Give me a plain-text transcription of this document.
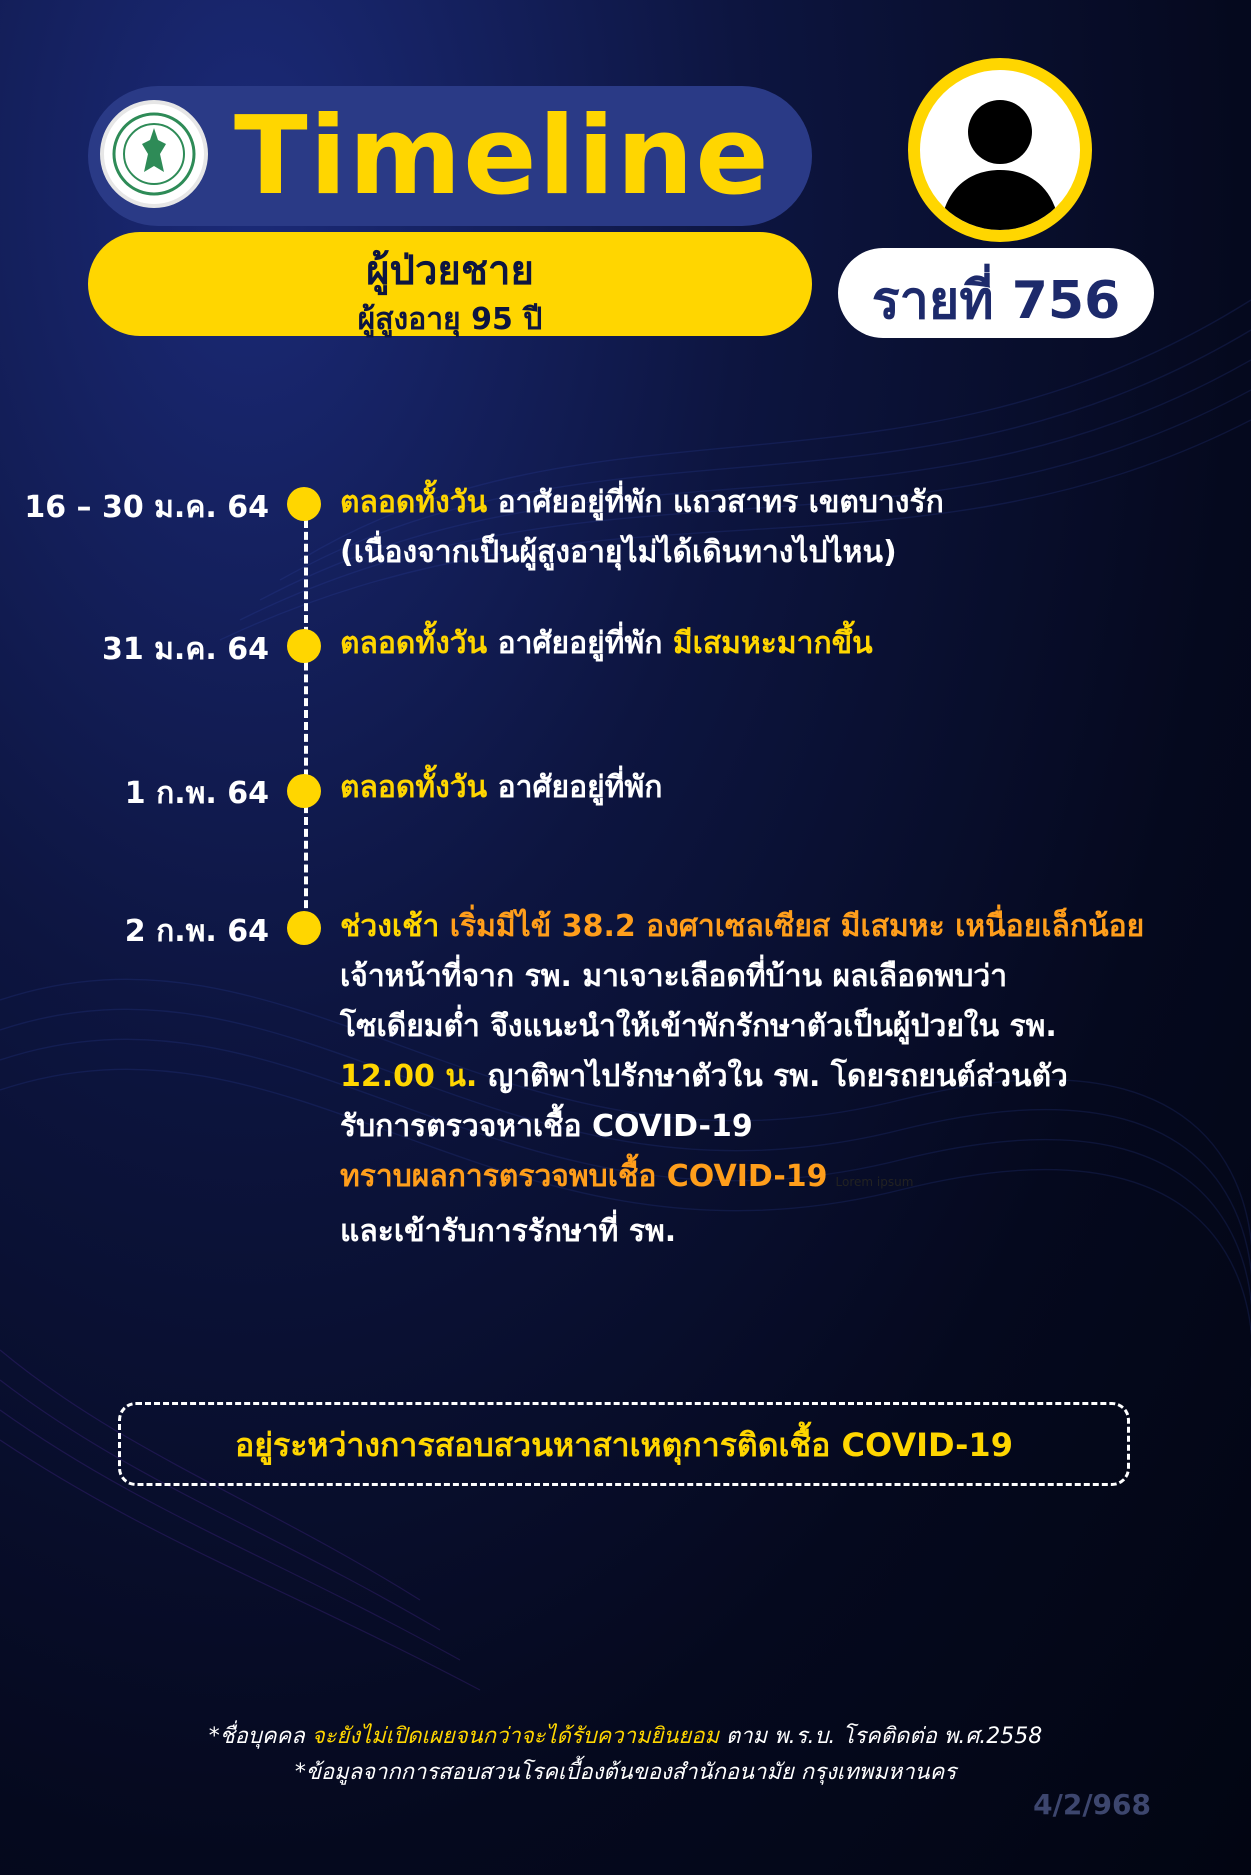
Timeline
ผู้ป่วยชาย
ผู้สูงอายุ 95 ปี	รายที่ 756
16 – 30 ม.ค. 64 ตลอดทั้งวัน อาศัยอยู่ที่พัก แถวสาทร เขตบางรัก
(เนื่องจากเป็นผู้สูงอายุไม่ได้เดินทางไปไหน)
31 ม.ค. 64 ตลอดทั้งวัน อาศัยอยู่ที่พัก มีเสมหะมากขึ้น
1 ก.พ. 64 ตลอดทั้งวัน อาศัยอยู่ที่พัก
2 ก.พ. 64 ช่วงเช้า เริ่มมีไข้ 38.2 องศาเซลเซียส มีเสมหะ เหนื่อยเล็กน้อย
เจ้าหน้าที่จาก รพ. มาเจาะเลือดที่บ้าน ผลเลือดพบว่า
โซเดียมต่ำ จึงแนะนำให้เข้าพักรักษาตัวเป็นผู้ป่วยใน รพ.
12.00 น. ญาติพาไปรักษาตัวใน รพ. โดยรถยนต์ส่วนตัว
รับการตรวจหาเชื้อ COVID-19
ทราบผลการตรวจพบเชื้อ COVID-19 Lorem ipsum
และเข้ารับการรักษาที่ รพ.
อยู่ระหว่างการสอบสวนหาสาเหตุการติดเชื้อ COVID-19
*ชื่อบุคคล จะยังไม่เปิดเผยจนกว่าจะได้รับความยินยอม ตาม พ.ร.บ. โรคติดต่อ พ.ศ.2558
*ข้อมูลจากการสอบสวนโรคเบื้องต้นของสำนักอนามัย กรุงเทพมหานคร
4/2/968
